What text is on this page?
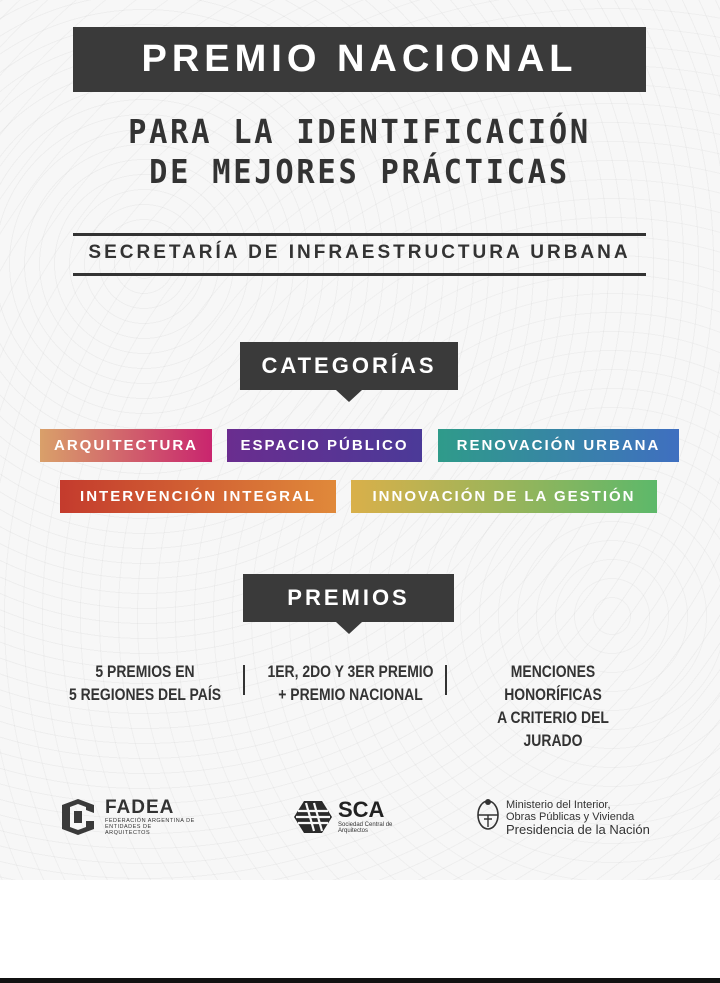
PREMIO NACIONAL
PARA LA IDENTIFICACIÓN
DE MEJORES PRÁCTICAS
SECRETARÍA DE INFRAESTRUCTURA URBANA
CATEGORÍAS
ARQUITECTURA	ESPACIO PÚBLICO	RENOVACIÓN URBANA
INTERVENCIÓN INTEGRAL	INNOVACIÓN DE LA GESTIÓN
PREMIOS
5 PREMIOS EN
5 REGIONES DEL PAÍS
1ER, 2DO Y 3ER PREMIO
+ PREMIO NACIONAL
MENCIONES HONORÍFICAS
A CRITERIO DEL JURADO
FADEA
FEDERACIÓN ARGENTINA DE ENTIDADES DE ARQUITECTOS
SCA
Sociedad Central de Arquitectos
Ministerio del Interior,
Obras Públicas y Vivienda
Presidencia de la Nación
